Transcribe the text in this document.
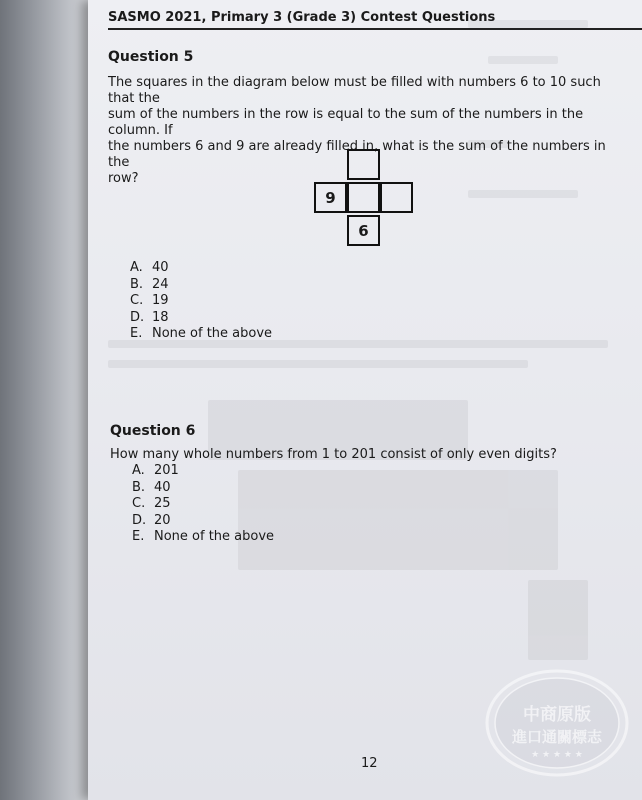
SASMO 2021, Primary 3 (Grade 3) Contest Questions
Question 5
The squares in the diagram below must be filled with numbers 6 to 10 such that the
sum of the numbers in the row is equal to the sum of the numbers in the column. If
the numbers 6 and 9 are already filled in, what is the sum of the numbers in the
row?
9
6
A. 40
B. 24
C. 19
D. 18
E. None of the above
Question 6
How many whole numbers from 1 to 201 consist of only even digits?
A. 201
B. 40
C. 25
D. 20
E. None of the above
12
中商原版
進口通關標志
★ ★ ★ ★ ★
